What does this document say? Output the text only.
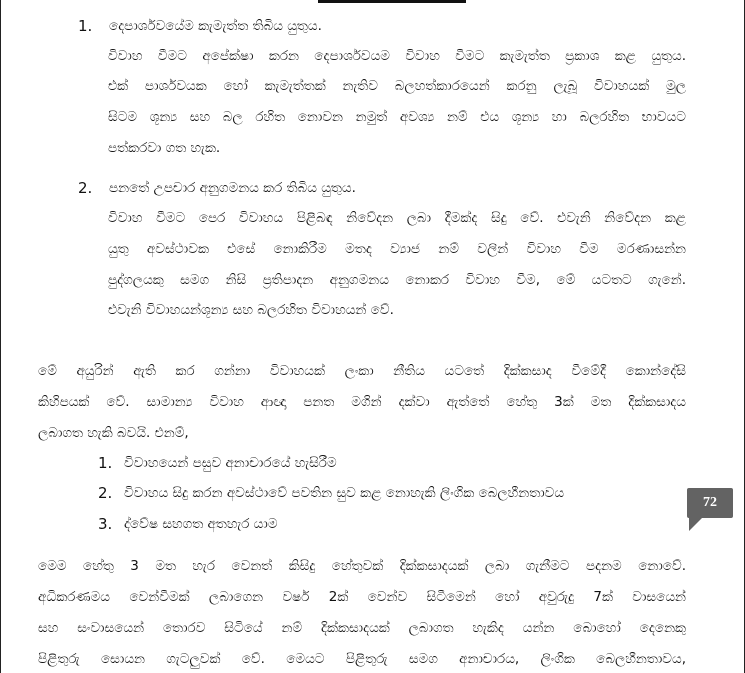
1. දෙපාර්ශවයේම කැමැත්ත තිබිය යුතුය.
විවාහ වීමට අපේක්ෂා කරන දෙපාර්ශවයම විවාහ වීමට කැමැත්ත ප්‍රකාශ කළ යුතුය.
එක් පාර්ශවයක හෝ කැමැත්තක් නැතිව බලහත්කාරයෙන් කරනු ලැබූ විවාහයක් මුල
සිටම ශූන්‍ය සහ බල රහිත නොවන නමුත් අවශ්‍ය නම් එය ශූන්‍ය හා බලරහිත භාවයට
පත්කරවා ගත හැක.
2. පනතේ උපචාර අනුගමනය කර තිබිය යුතුය.
විවාහ වීමට පෙර විවාහය පිළිබඳ නිවේදන ලබා දීමක්ද සිදු වේ. එවැනි නිවේදන කළ
යුතු අවස්ථාවක එසේ නොකිරීම මතද ව්‍යාජ නම් වලින් විවාහ වීම මරණාසන්න
පුද්ගලයකු සමග නිසි ප්‍රතිපාදන අනුගමනය නොකර විවාහ වීම, මේ යටතට ගැනේ.
එවැනි විවාහයන්ශූන්‍ය සහ බලරහිත විවාහයන් වේ.
මේ අයුරින් ඇති කර ගන්නා විවාහයක් ලංකා නීතිය යටතේ දික්කසාද වීමේදී කොන්දේසි
කිහිපයක් වේ. සාමාන්‍ය විවාහ ආඥා පනත මගින් දක්වා ඇත්තේ හේතු 3ක් මත දික්කසාදය
ලබාගත හැකි බවයි. එනම්,
1. විවාහයෙන් පසුව අනාචාරයේ හැසිරීම
2. විවාහය සිදු කරන අවස්ථාවේ පවතින සුව කළ නොහැකි ලිංගික බෙලහීනතාවය
3. ද්වේෂ සහගත අතහැර යාම
මෙම හේතු 3 මත හැර වෙනත් කිසිදු හේතුවක් දික්කසාදයක් ලබා ගැනීමට පදනම නොවේ.
අධිකරණමය වෙන්වීමක් ලබාගෙන වර්ෂ 2ක් වෙන්ව සිටීමෙන් හෝ අවුරුදු 7ක් වාසයෙන්
සහ සංවාසයෙන් තොරව සිටියේ නම් දික්කසාදයක් ලබාගත හැකිද යන්න බොහෝ දෙනෙකු
පිළිතුරු සොයන ගැටලුවක් වේ. මෙයට පිළිතුරු සමග අනාචාරය, ලිංගික බෙලහීනතාවය,
72
